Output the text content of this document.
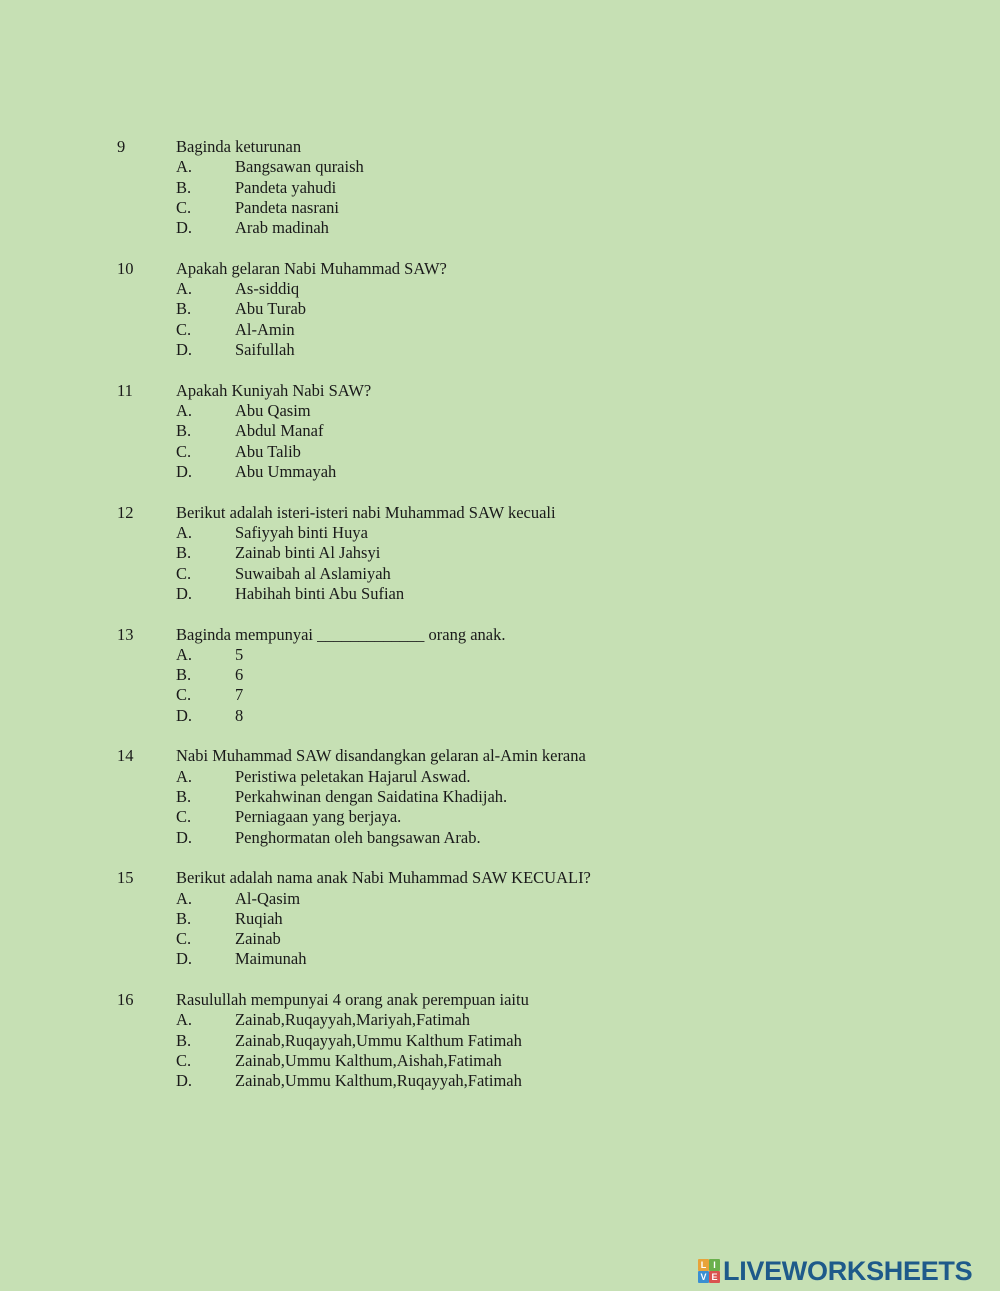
9	Baginda keturunan
A.	Bangsawan quraish
B.	Pandeta yahudi
C.	Pandeta nasrani
D.	Arab madinah
10	Apakah gelaran Nabi Muhammad SAW?
A.	As-siddiq
B.	Abu Turab
C.	Al-Amin
D.	Saifullah
11	Apakah Kuniyah Nabi SAW?
A.	Abu Qasim
B.	Abdul Manaf
C.	Abu Talib
D.	Abu Ummayah
12	Berikut adalah isteri-isteri nabi Muhammad SAW kecuali
A.	Safiyyah binti Huya
B.	Zainab binti Al Jahsyi
C.	Suwaibah al Aslamiyah
D.	Habihah binti Abu Sufian
13	Baginda mempunyai _____________ orang anak.
A.	5
B.	6
C.	7
D.	8
14	Nabi Muhammad SAW disandangkan gelaran al-Amin kerana
A.	Peristiwa peletakan Hajarul Aswad.
B.	Perkahwinan dengan Saidatina Khadijah.
C.	Perniagaan yang berjaya.
D.	Penghormatan oleh bangsawan Arab.
15	Berikut adalah nama anak Nabi Muhammad SAW KECUALI?
A.	Al-Qasim
B.	Ruqiah
C.	Zainab
D.	Maimunah
16	Rasulullah mempunyai 4 orang anak perempuan iaitu
A.	Zainab,Ruqayyah,Mariyah,Fatimah
B.	Zainab,Ruqayyah,Ummu Kalthum Fatimah
C.	Zainab,Ummu Kalthum,Aishah,Fatimah
D.	Zainab,Ummu Kalthum,Ruqayyah,Fatimah
L I
V E LIVEWORKSHEETS
